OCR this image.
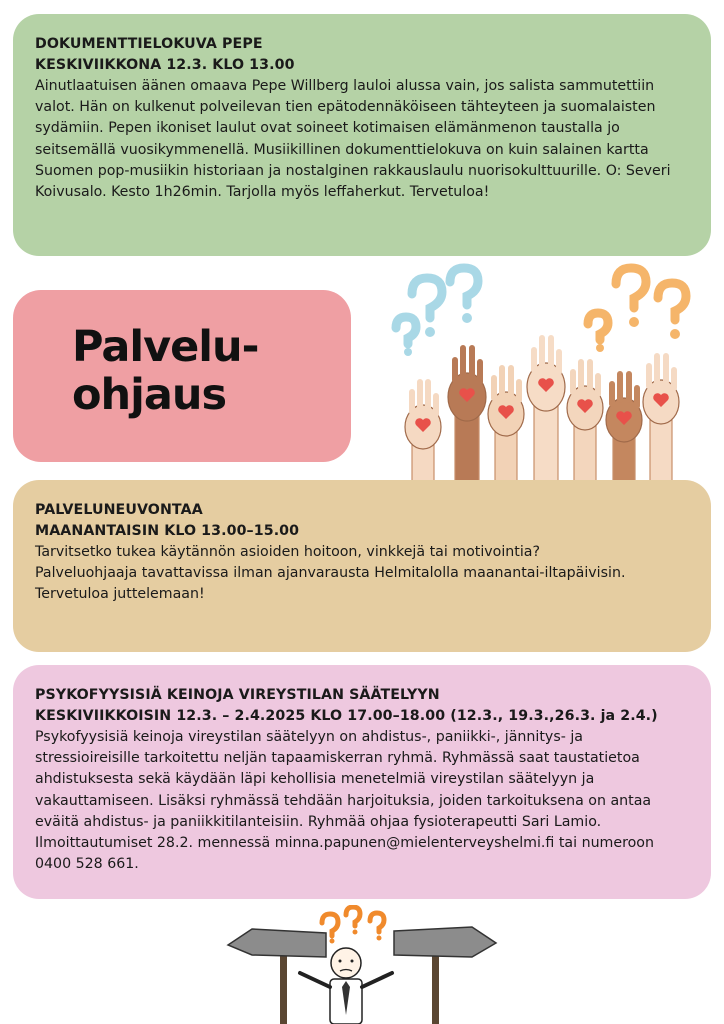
DOKUMENTTIELOKUVA PEPE
KESKIVIIKKONA 12.3. KLO 13.00

Ainutlaatuisen äänen omaava Pepe Willberg lauloi alussa vain, jos salista sammutettiin valot. Hän on kulkenut polveilevan tien epätodennäköiseen tähteyteen ja suomalaisten sydämiin. Pepen ikoniset laulut ovat soineet kotimaisen elämänmenon taustalla jo seitsemällä vuosikymmenellä. Musiikillinen dokumenttielokuva on kuin salainen kartta Suomen pop-musiikin historiaan ja nostalginen rakkauslaulu nuorisokulttuurille. O: Severi Koivusalo. Kesto 1h26min. Tarjolla myös leffaherkut. Tervetuloa!

Palvelu-
ohjaus
PALVELUNEUVONTAA
MAANANTAISIN KLO 13.00–15.00

Tarvitsetko tukea käytännön asioiden hoitoon, vinkkejä tai motivointia?

Palveluohjaaja tavattavissa ilman ajanvarausta Helmitalolla maanantai-iltapäivisin.

Tervetuloa juttelemaan!

PSYKOFYYSISIÄ KEINOJA VIREYSTILAN SÄÄTELYYN
KESKIVIIKKOISIN 12.3. – 2.4.2025 KLO 17.00–18.00 (12.3., 19.3.,26.3. ja 2.4.)

Psykofyysisiä keinoja vireystilan säätelyyn on ahdistus-, paniikki-, jännitys- ja stressioireisille tarkoitettu neljän tapaamiskerran ryhmä. Ryhmässä saat taustatietoa ahdistuksesta sekä käydään läpi kehollisia menetelmiä vireystilan säätelyyn ja vakauttamiseen. Lisäksi ryhmässä tehdään harjoituksia, joiden tarkoituksena on antaa eväitä ahdistus- ja paniikkitilanteisiin. Ryhmää ohjaa fysioterapeutti Sari Lamio. Ilmoittautumiset 28.2. mennessä minna.papunen@mielenterveyshelmi.fi tai numeroon 0400 528 661.
